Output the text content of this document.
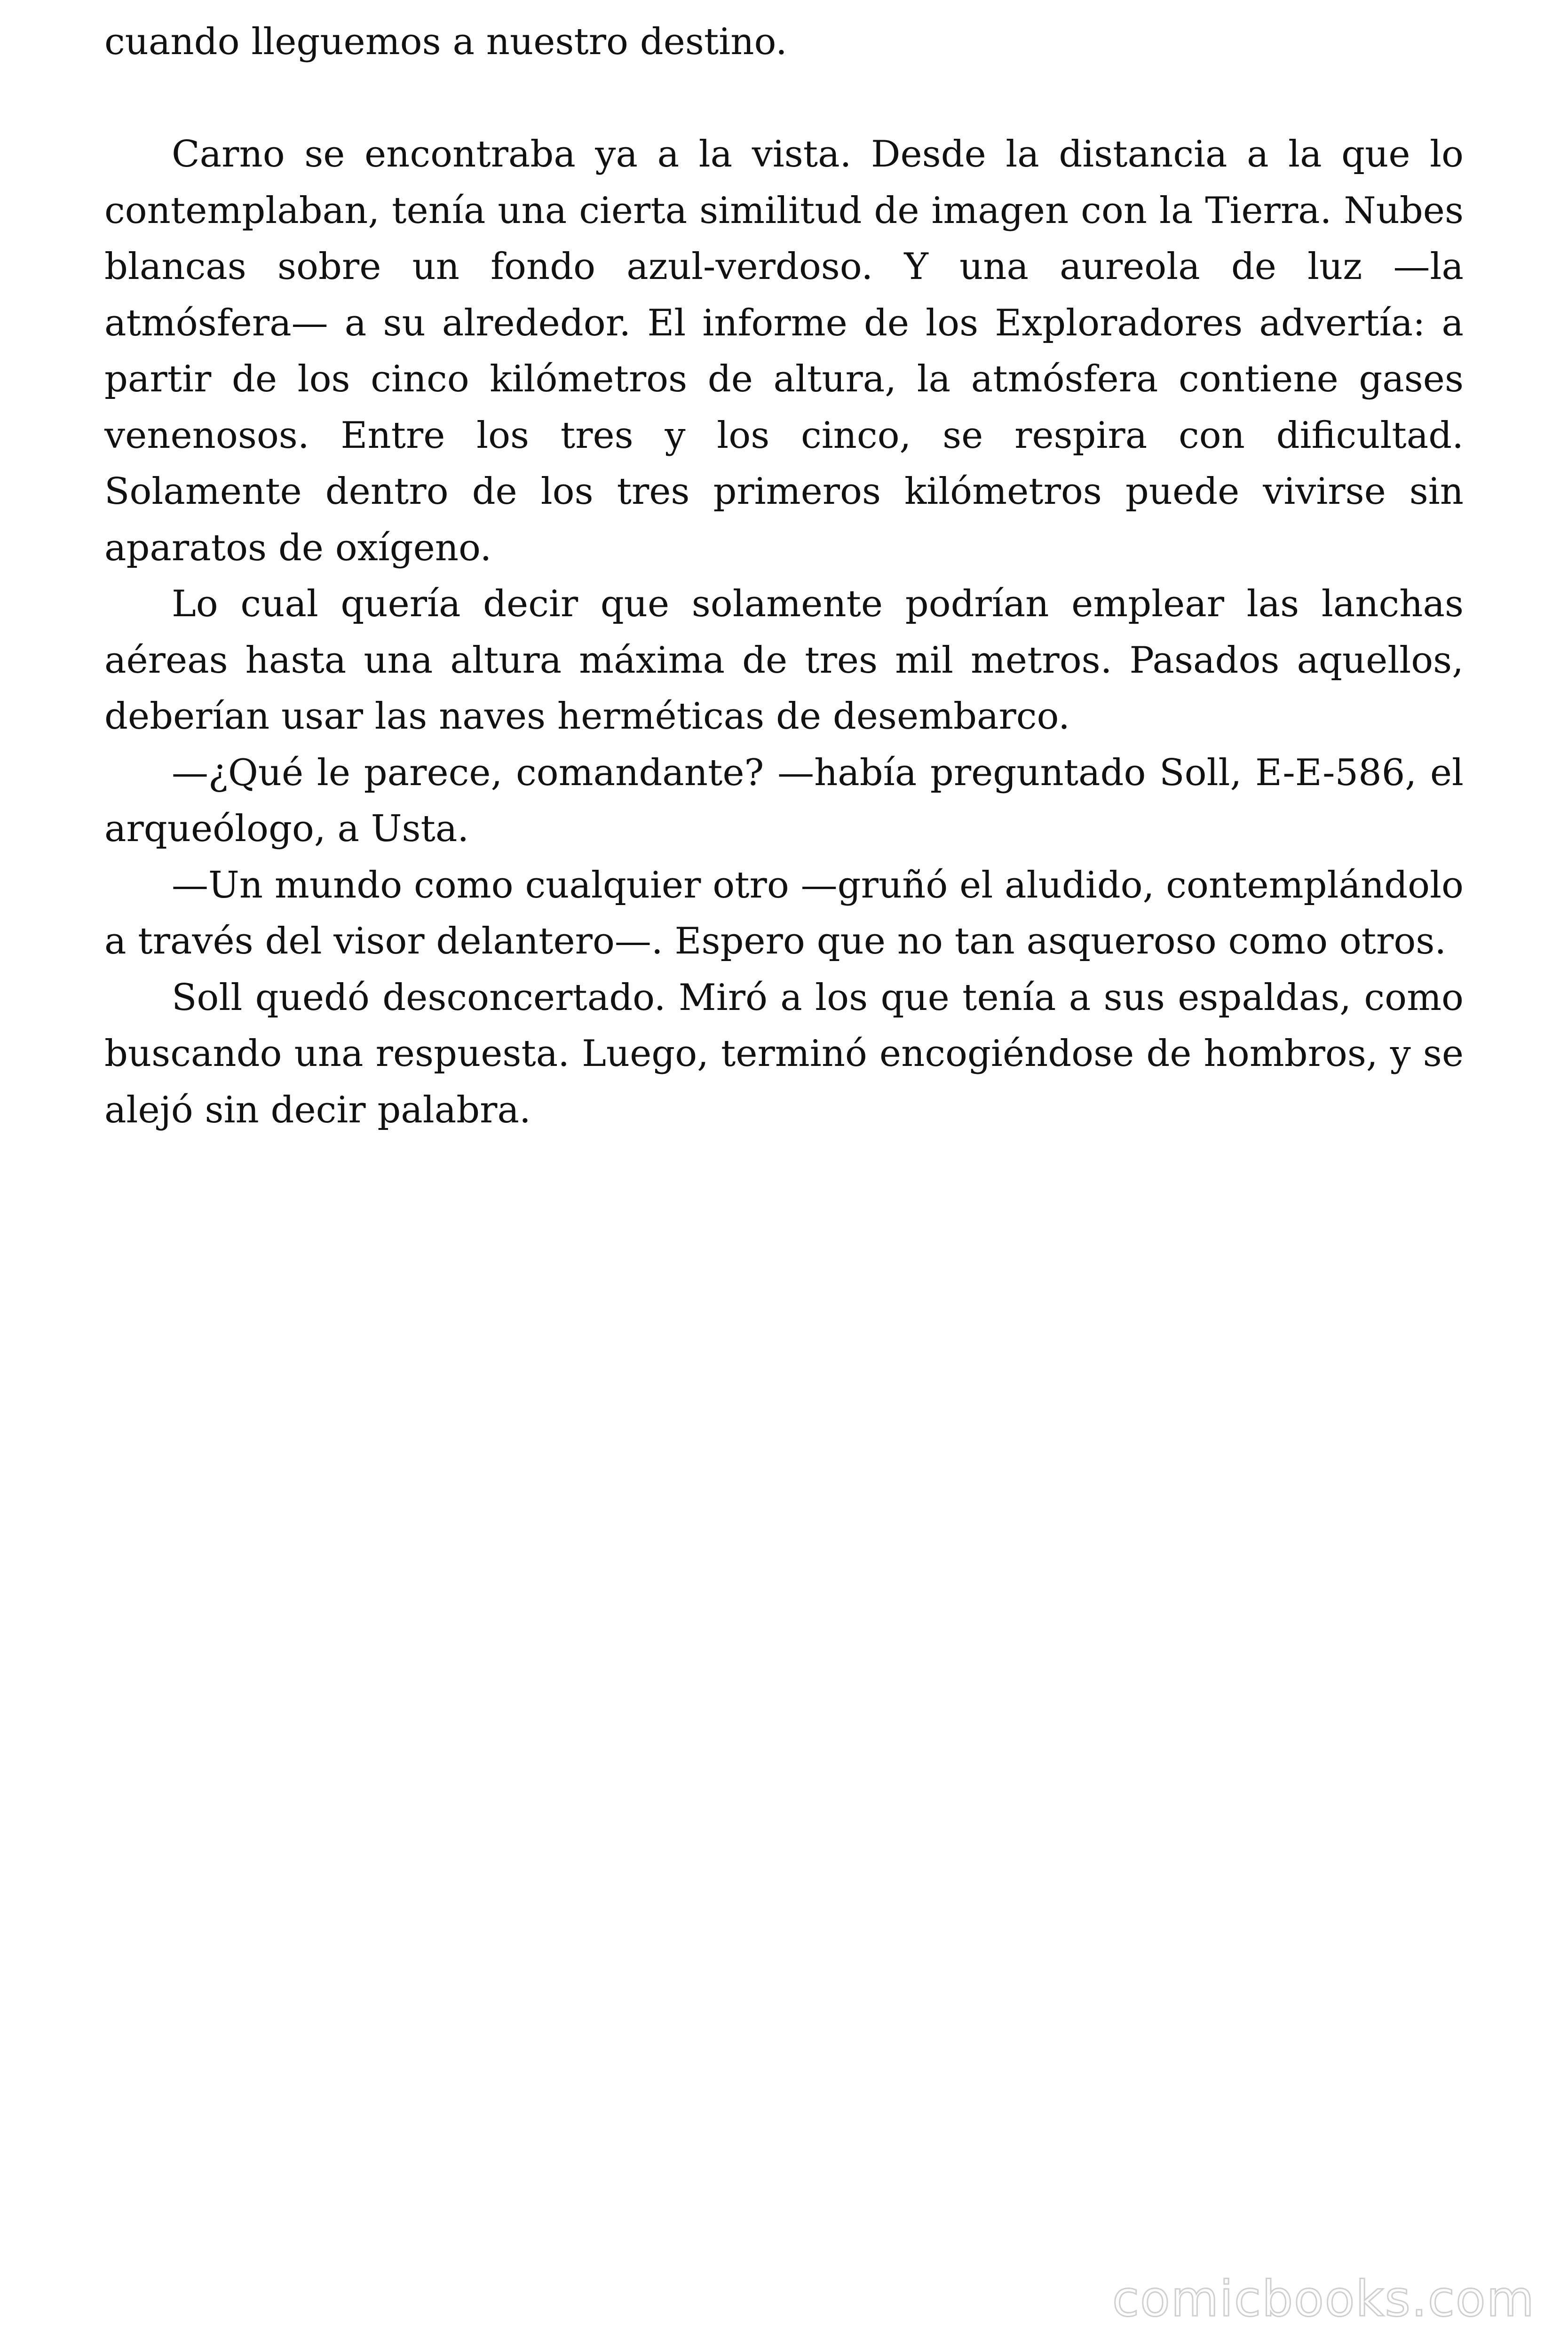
cuando lleguemos a nuestro destino.

Carno se encontraba ya a la vista. Desde la distancia a la que lo contemplaban, tenía una cierta similitud de imagen con la Tierra. Nubes blancas sobre un fondo azul-verdoso. Y una aureola de luz —la atmósfera— a su alrededor. El informe de los Exploradores advertía: a partir de los cinco kilómetros de altura, la atmósfera contiene gases venenosos. Entre los tres y los cinco, se respira con dificultad. Solamente dentro de los tres primeros kilómetros puede vivirse sin aparatos de oxígeno.

Lo cual quería decir que solamente podrían emplear las lanchas aéreas hasta una altura máxima de tres mil metros. Pasados aquellos, deberían usar las naves herméticas de desembarco.

—¿Qué le parece, comandante? —había preguntado Soll, E-E-586, el arqueólogo, a Usta.

—Un mundo como cualquier otro —gruñó el aludido, contemplándolo a través del visor delantero—. Espero que no tan asqueroso como otros.

Soll quedó desconcertado. Miró a los que tenía a sus espaldas, como buscando una respuesta. Luego, terminó encogiéndose de hombros, y se alejó sin decir palabra.

comicbooks.com
